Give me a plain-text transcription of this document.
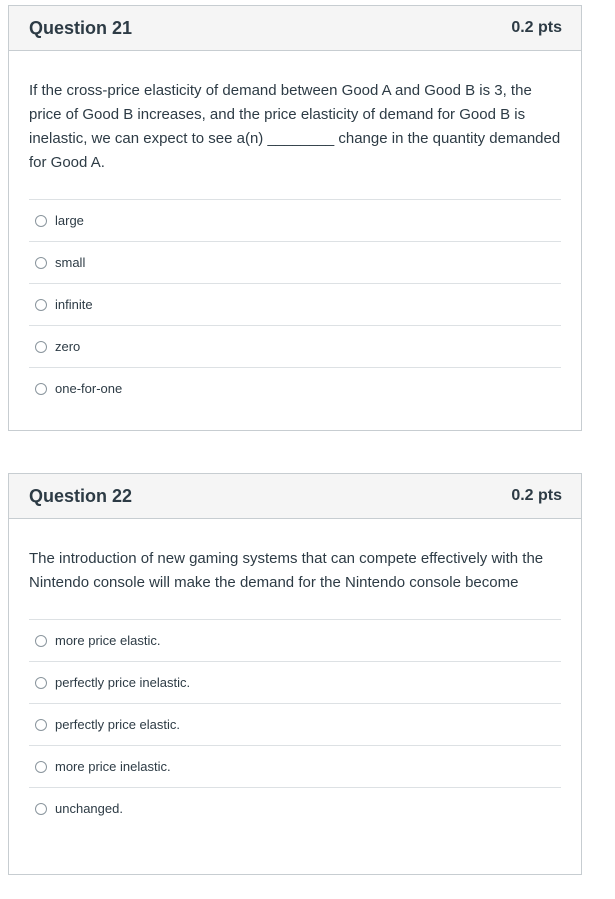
Question 21	0.2 pts

If the cross-price elasticity of demand between Good A and Good B is 3, the price of Good B increases, and the price elasticity of demand for Good B is inelastic, we can expect to see a(n) ________ change in the quantity demanded for Good A.

large
small
infinite
zero
one-for-one
Question 22	0.2 pts

The introduction of new gaming systems that can compete effectively with the Nintendo console will make the demand for the Nintendo console become

more price elastic.
perfectly price inelastic.
perfectly price elastic.
more price inelastic.
unchanged.
